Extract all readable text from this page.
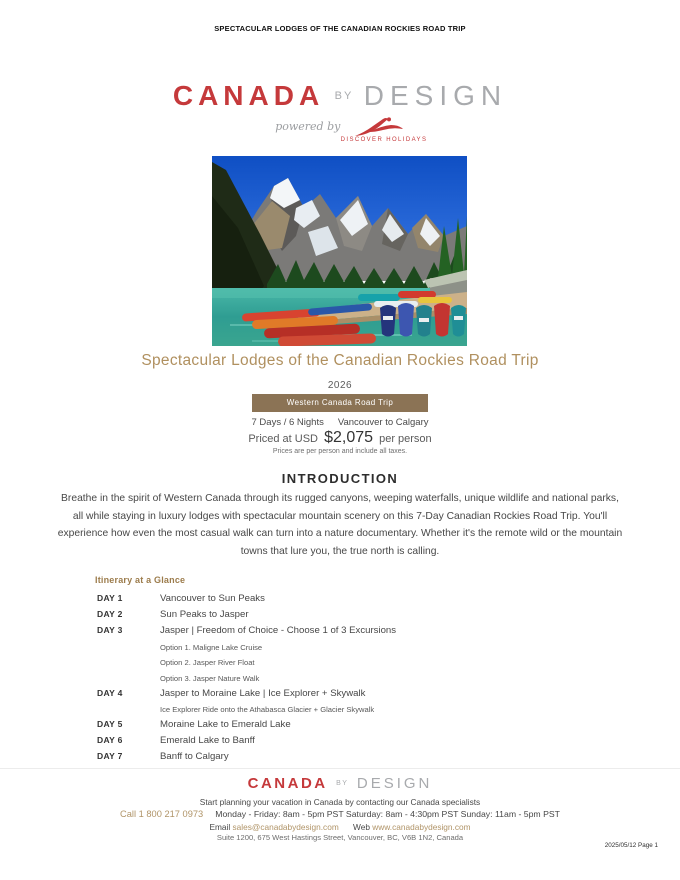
SPECTACULAR LODGES OF THE CANADIAN ROCKIES ROAD TRIP
CANADA $^{BY}$ DESIGN
$^{powered by}$
DISCOVER HOLIDAYS
Spectacular Lodges of the Canadian Rockies Road Trip
2026
Western Canada Road Trip
7 Days / 6 Nights Vancouver to Calgary
Priced at USD $2,075 per person
Prices are per person and include all taxes.
INTRODUCTION
Breathe in the spirit of Western Canada through its rugged canyons, weeping waterfalls, unique wildlife and national parks, all while staying in luxury lodges with spectacular mountain scenery on this 7-Day Canadian Rockies Road Trip. You'll experience how even the most casual walk can turn into a nature documentary. Whether it's the remote wild or the mountain towns that lure you, the true north is calling.
Itinerary at a Glance
DAY 1	Vancouver to Sun Peaks
DAY 2	Sun Peaks to Jasper
DAY 3	Jasper | Freedom of Choice - Choose 1 of 3 Excursions
Option 1. Maligne Lake Cruise
Option 2. Jasper River Float
Option 3. Jasper Nature Walk
DAY 4	Jasper to Moraine Lake | Ice Explorer + Skywalk
Ice Explorer Ride onto the Athabasca Glacier + Glacier Skywalk
DAY 5	Moraine Lake to Emerald Lake
DAY 6	Emerald Lake to Banff
DAY 7	Banff to Calgary
CANADA BY DESIGN
Start planning your vacation in Canada by contacting our Canada specialists
Call 1 800 217 0973 Monday - Friday: 8am - 5pm PST Saturday: 8am - 4:30pm PST Sunday: 11am - 5pm PST
Email sales@canadabydesign.com Web www.canadabydesign.com
Suite 1200, 675 West Hastings Street, Vancouver, BC, V6B 1N2, Canada
2025/05/12 Page 1
